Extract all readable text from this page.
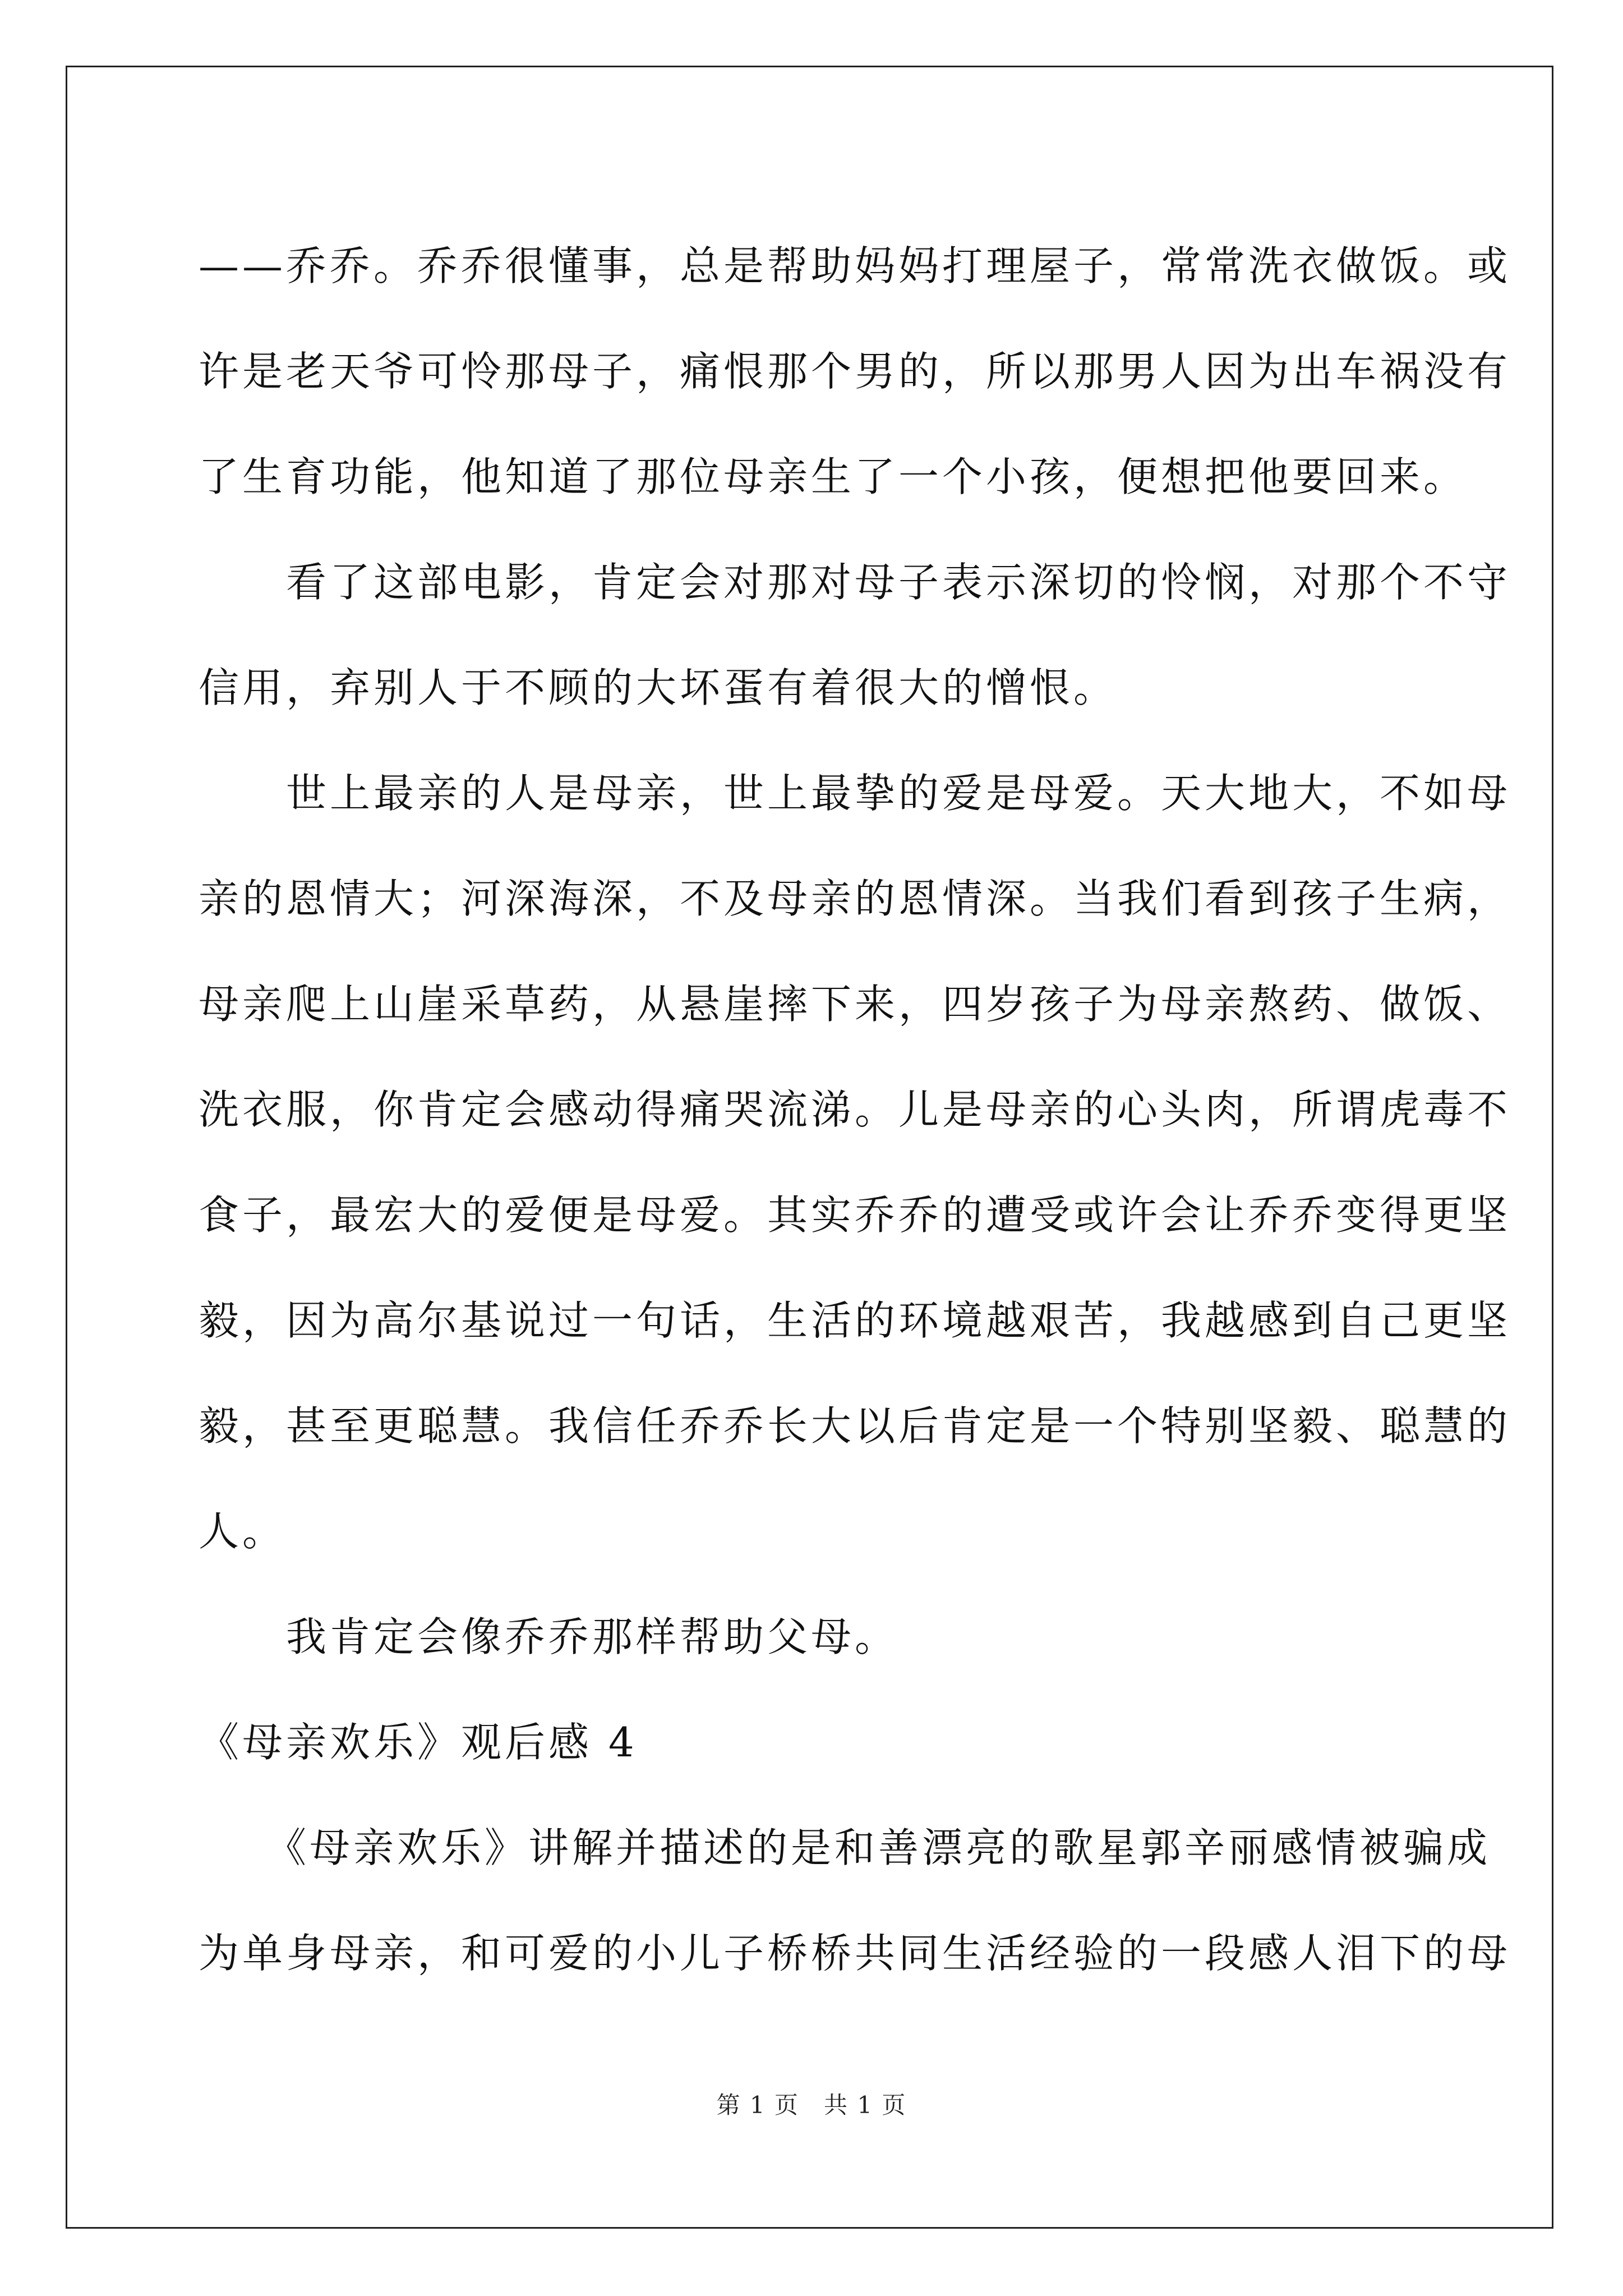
——乔乔。乔乔很懂事，总是帮助妈妈打理屋子，常常洗衣做饭。或
许是老天爷可怜那母子，痛恨那个男的，所以那男人因为出车祸没有
了生育功能，他知道了那位母亲生了一个小孩，便想把他要回来。
　　看了这部电影，肯定会对那对母子表示深切的怜悯，对那个不守
信用，弃别人于不顾的大坏蛋有着很大的憎恨。
　　世上最亲的人是母亲，世上最挚的爱是母爱。天大地大，不如母
亲的恩情大；河深海深，不及母亲的恩情深。当我们看到孩子生病，
母亲爬上山崖采草药，从悬崖摔下来，四岁孩子为母亲熬药、做饭、
洗衣服，你肯定会感动得痛哭流涕。儿是母亲的心头肉，所谓虎毒不
食子，最宏大的爱便是母爱。其实乔乔的遭受或许会让乔乔变得更坚
毅，因为高尔基说过一句话，生活的环境越艰苦，我越感到自己更坚
毅，甚至更聪慧。我信任乔乔长大以后肯定是一个特别坚毅、聪慧的
人。
　　我肯定会像乔乔那样帮助父母。
《母亲欢乐》观后感 4
　　《母亲欢乐》讲解并描述的是和善漂亮的歌星郭辛丽感情被骗成
为单身母亲，和可爱的小儿子桥桥共同生活经验的一段感人泪下的母
第 1 页　共 1 页
